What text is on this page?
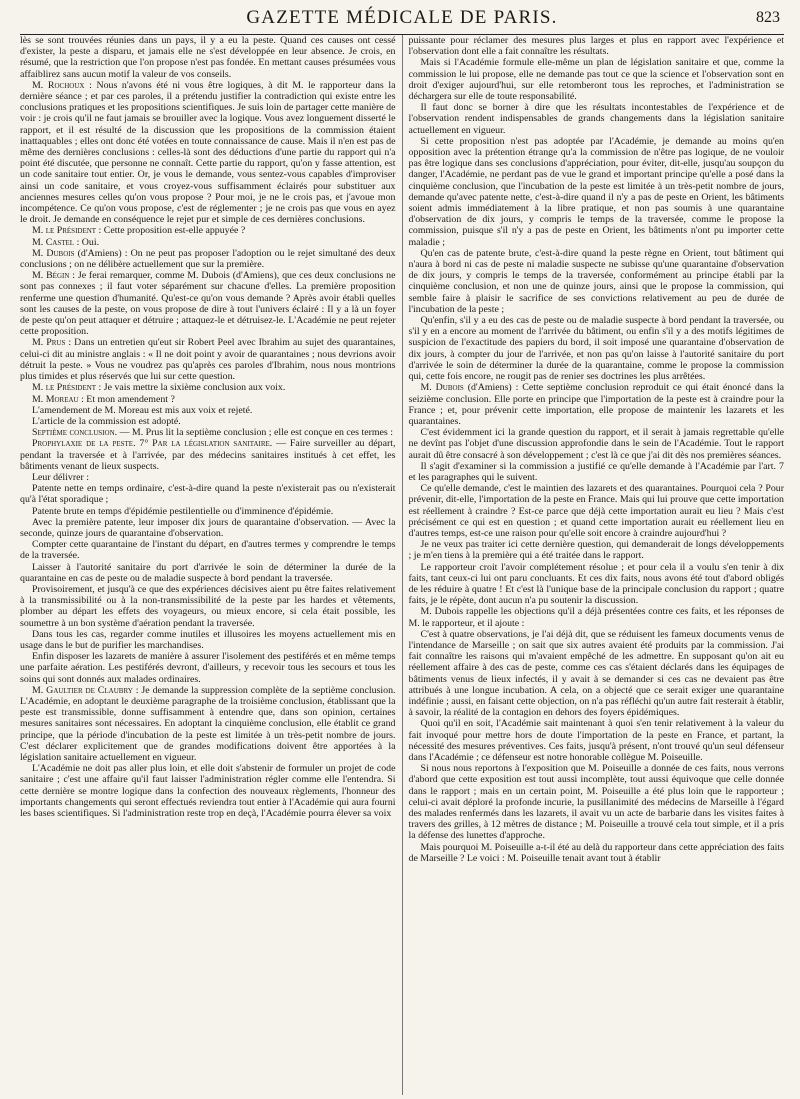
GAZETTE MÉDICALE DE PARIS.	823

lès se sont trouvées réunies dans un pays, il y a eu la peste. Quand ces causes ont cessé d'exister, la peste a disparu, et jamais elle ne s'est développée en leur absence. Je crois, en résumé, que la restriction que l'on propose n'est pas fondée. En mettant causes présumées vous affaiblirez sans aucun motif la valeur de vos conseils.

M. Rochoux : Nous n'avons été ni vous être logiques, à dit M. le rapporteur dans la dernière séance ; et par ces paroles, il a prétendu justifier la contradiction qui existe entre les conclusions pratiques et les propositions scientifiques. Je suis loin de partager cette manière de voir : je crois qu'il ne faut jamais se brouiller avec la logique. Vous avez longuement disserté le rapport, et il est résulté de la discussion que les propositions de la commission étaient inattaquables ; elles ont donc été votées en toute connaissance de cause. Mais il n'en est pas de même des dernières conclusions : celles-là sont des déductions d'une partie du rapport qui n'a point été discutée, que personne ne connaît. Cette partie du rapport, qu'on y fasse attention, est un code sanitaire tout entier. Or, je vous le demande, vous sentez-vous capables d'improviser ainsi un code sanitaire, et vous croyez-vous suffisamment éclairés pour substituer aux anciennes mesures celles qu'on vous propose ? Pour moi, je ne le crois pas, et j'avoue mon incompétence. Ce qu'on vous propose, c'est de réglementer ; je ne crois pas que vous en ayez le droit. Je demande en conséquence le rejet pur et simple de ces dernières conclusions.

M. le Président : Cette proposition est-elle appuyée ?

M. Castel : Oui.

M. Dubois (d'Amiens) : On ne peut pas proposer l'adoption ou le rejet simultané des deux conclusions ; on ne délibère actuellement que sur la première.

M. Bégin : Je ferai remarquer, comme M. Dubois (d'Amiens), que ces deux conclusions ne sont pas connexes ; il faut voter séparément sur chacune d'elles. La première proposition renferme une question d'humanité. Qu'est-ce qu'on vous demande ? Après avoir établi quelles sont les causes de la peste, on vous propose de dire à tout l'univers éclairé : Il y a là un foyer de peste qu'on peut attaquer et détruire ; attaquez-le et détruisez-le. L'Académie ne peut rejeter cette proposition.

M. Prus : Dans un entretien qu'eut sir Robert Peel avec Ibrahim au sujet des quarantaines, celui-ci dit au ministre anglais : « Il ne doit point y avoir de quarantaines ; nous devrions avoir détruit la peste. » Vous ne voudrez pas qu'après ces paroles d'Ibrahim, nous nous montrions plus timides et plus réservés que lui sur cette question.

M. le Président : Je vais mettre la sixième conclusion aux voix.

M. Moreau : Et mon amendement ?

L'amendement de M. Moreau est mis aux voix et rejeté.

L'article de la commission est adopté.

Septième conclusion. — M. Prus lit la septième conclusion ; elle est conçue en ces termes :

Prophylaxie de la peste. 7° Par la législation sanitaire. — Faire surveiller au départ, pendant la traversée et à l'arrivée, par des médecins sanitaires institués à cet effet, les bâtiments venant de lieux suspects.

Leur délivrer :

Patente nette en temps ordinaire, c'est-à-dire quand la peste n'existerait pas ou n'existerait qu'à l'état sporadique ;

Patente brute en temps d'épidémie pestilentielle ou d'imminence d'épidémie.

Avec la première patente, leur imposer dix jours de quarantaine d'observation. — Avec la seconde, quinze jours de quarantaine d'observation.

Compter cette quarantaine de l'instant du départ, en d'autres termes y comprendre le temps de la traversée.

Laisser à l'autorité sanitaire du port d'arrivée le soin de déterminer la durée de la quarantaine en cas de peste ou de maladie suspecte à bord pendant la traversée.

Provisoirement, et jusqu'à ce que des expériences décisives aient pu être faites relativement à la transmissibilité ou à la non-transmissibilité de la peste par les hardes et vêtements, plomber au départ les effets des voyageurs, ou mieux encore, si cela était possible, les soumettre à un bon système d'aération pendant la traversée.

Dans tous les cas, regarder comme inutiles et illusoires les moyens actuellement mis en usage dans le but de purifier les marchandises.

Enfin disposer les lazarets de manière à assurer l'isolement des pestiférés et en même temps une parfaite aération. Les pestiférés devront, d'ailleurs, y recevoir tous les secours et tous les soins qui sont donnés aux malades ordinaires.

M. Gaultier de Claubry : Je demande la suppression complète de la septième conclusion. L'Académie, en adoptant le deuxième paragraphe de la troisième conclusion, établissant que la peste est transmissible, donne suffisamment à entendre que, dans son opinion, certaines mesures sanitaires sont nécessaires. En adoptant la cinquième conclusion, elle établit ce grand principe, que la période d'incubation de la peste est limitée à un très-petit nombre de jours. C'est déclarer explicitement que de grandes modifications doivent être apportées à la législation sanitaire actuellement en vigueur.

L'Académie ne doit pas aller plus loin, et elle doit s'abstenir de formuler un projet de code sanitaire ; c'est une affaire qu'il faut laisser l'administration régler comme elle l'entendra. Si cette dernière se montre logique dans la confection des nouveaux règlements, l'honneur des importants changements qui seront effectués reviendra tout entier à l'Académie qui aura fourni les bases scientifiques. Si l'administration reste trop en deçà, l'Académie pourra élever sa voix

puissante pour réclamer des mesures plus larges et plus en rapport avec l'expérience et l'observation dont elle a fait connaître les résultats.

Mais si l'Académie formule elle-même un plan de législation sanitaire et que, comme la commission le lui propose, elle ne demande pas tout ce que la science et l'observation sont en droit d'exiger aujourd'hui, sur elle retomberont tous les reproches, et l'administration se déchargera sur elle de toute responsabilité.

Il faut donc se borner à dire que les résultats incontestables de l'expérience et de l'observation rendent indispensables de grands changements dans la législation sanitaire actuellement en vigueur.

Si cette proposition n'est pas adoptée par l'Académie, je demande au moins qu'en opposition avec la prétention étrange qu'a la commission de n'être pas logique, de ne vouloir pas être logique dans ses conclusions d'appréciation, pour éviter, dit-elle, jusqu'au soupçon du danger, l'Académie, ne perdant pas de vue le grand et important principe qu'elle a posé dans la cinquième conclusion, que l'incubation de la peste est limitée à un très-petit nombre de jours, demande qu'avec patente nette, c'est-à-dire quand il n'y a pas de peste en Orient, les bâtiments soient admis immédiatement à la libre pratique, et non pas soumis à une quarantaine d'observation de dix jours, y compris le temps de la traversée, comme le propose la commission, puisque s'il n'y a pas de peste en Orient, les bâtiments n'ont pu importer cette maladie ;

Qu'en cas de patente brute, c'est-à-dire quand la peste règne en Orient, tout bâtiment qui n'aura à bord ni cas de peste ni maladie suspecte ne subisse qu'une quarantaine d'observation de dix jours, y compris le temps de la traversée, conformément au principe établi par la cinquième conclusion, et non une de quinze jours, ainsi que le propose la commission, qui semble faire à plaisir le sacrifice de ses convictions relativement au peu de durée de l'incubation de la peste ;

Qu'enfin, s'il y a eu des cas de peste ou de maladie suspecte à bord pendant la traversée, ou s'il y en a encore au moment de l'arrivée du bâtiment, ou enfin s'il y a des motifs légitimes de suspicion de l'exactitude des papiers du bord, il soit imposé une quarantaine d'observation de dix jours, à compter du jour de l'arrivée, et non pas qu'on laisse à l'autorité sanitaire du port d'arrivée le soin de déterminer la durée de la quarantaine, comme le propose la commission qui, cette fois encore, ne rougit pas de renier ses doctrines les plus arrêtées.

M. Dubois (d'Amiens) : Cette septième conclusion reproduit ce qui était énoncé dans la seizième conclusion. Elle porte en principe que l'importation de la peste est à craindre pour la France ; et, pour prévenir cette importation, elle propose de maintenir les lazarets et les quarantaines.

C'est évidemment ici la grande question du rapport, et il serait à jamais regrettable qu'elle ne devînt pas l'objet d'une discussion approfondie dans le sein de l'Académie. Tout le rapport aurait dû être consacré à son développement ; c'est là ce que j'ai dit dès nos premières séances.

Il s'agit d'examiner si la commission a justifié ce qu'elle demande à l'Académie par l'art. 7 et les paragraphes qui le suivent.

Ce qu'elle demande, c'est le maintien des lazarets et des quarantaines. Pourquoi cela ? Pour prévenir, dit-elle, l'importation de la peste en France. Mais qui lui prouve que cette importation est réellement à craindre ? Est-ce parce que déjà cette importation aurait eu lieu ? Mais c'est précisément ce qui est en question ; et quand cette importation aurait eu réellement lieu en d'autres temps, est-ce une raison pour qu'elle soit encore à craindre aujourd'hui ?

Je ne veux pas traiter ici cette dernière question, qui demanderait de longs développements ; je m'en tiens à la première qui a été traitée dans le rapport.

Le rapporteur croit l'avoir complétement résolue ; et pour cela il a voulu s'en tenir à dix faits, tant ceux-ci lui ont paru concluants. Et ces dix faits, nous avons été tout d'abord obligés de les réduire à quatre ! Et c'est là l'unique base de la principale conclusion du rapport ; quatre faits, je le répète, dont aucun n'a pu soutenir la discussion.

M. Dubois rappelle les objections qu'il a déjà présentées contre ces faits, et les réponses de M. le rapporteur, et il ajoute :

C'est à quatre observations, je l'ai déjà dit, que se réduisent les fameux documents venus de l'intendance de Marseille ; on sait que six autres avaient été produits par la commission. J'ai fait connaître les raisons qui m'avaient empêché de les admettre. En supposant qu'on ait eu réellement affaire à des cas de peste, comme ces cas s'étaient déclarés dans les équipages de bâtiments venus de lieux infectés, il y avait à se demander si ces cas ne devaient pas être attribués à une longue incubation. A cela, on a objecté que ce serait exiger une quarantaine indéfinie ; aussi, en faisant cette objection, on n'a pas réfléchi qu'un autre fait resterait à établir, à savoir, la réalité de la contagion en dehors des foyers épidémiques.

Quoi qu'il en soit, l'Académie sait maintenant à quoi s'en tenir relativement à la valeur du fait invoqué pour mettre hors de doute l'importation de la peste en France, et partant, la nécessité des mesures préventives. Ces faits, jusqu'à présent, n'ont trouvé qu'un seul défenseur dans l'Académie ; ce défenseur est notre honorable collègue M. Poiseuille.

Si nous nous reportons à l'exposition que M. Poiseuille a donnée de ces faits, nous verrons d'abord que cette exposition est tout aussi incomplète, tout aussi équivoque que celle donnée dans le rapport ; mais en un certain point, M. Poiseuille a été plus loin que le rapporteur ; celui-ci avait déploré la profonde incurie, la pusillanimité des médecins de Marseille à l'égard des malades renfermés dans les lazarets, il avait vu un acte de barbarie dans les visites faites à travers des grilles, à 12 mètres de distance ; M. Poiseuille a trouvé cela tout simple, et il a pris la défense des lunettes d'approche.

Mais pourquoi M. Poiseuille a-t-il été au delà du rapporteur dans cette appréciation des faits de Marseille ? Le voici : M. Poiseuille tenait avant tout à établir
